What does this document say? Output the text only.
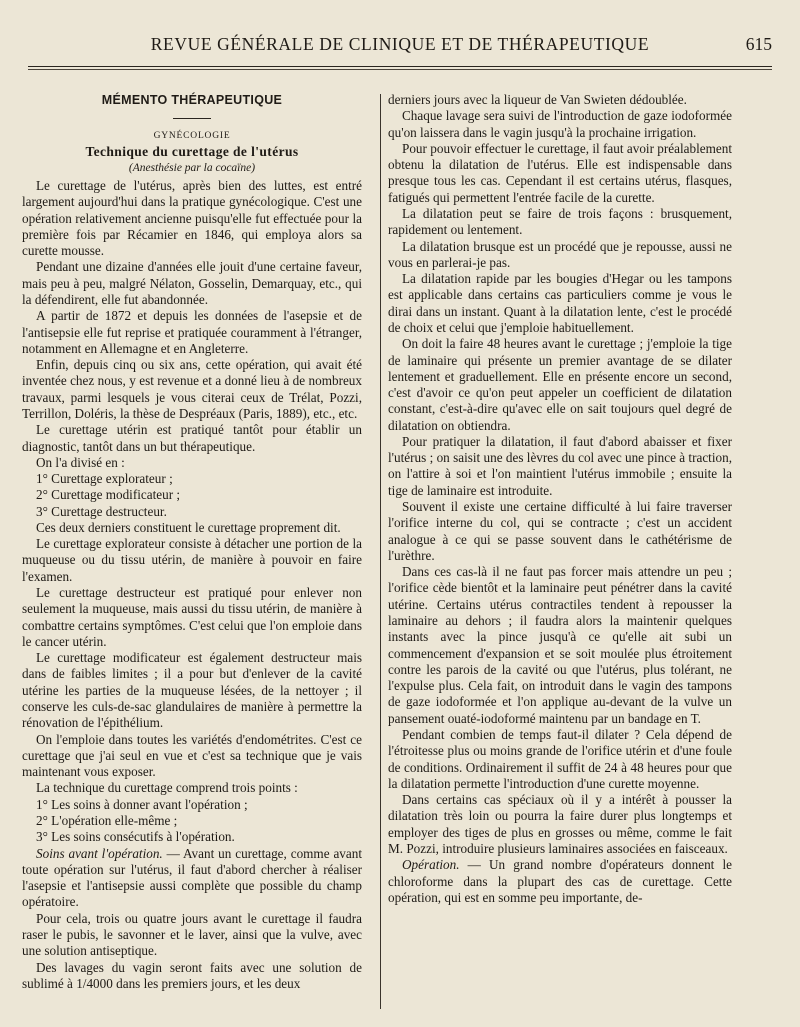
REVUE GÉNÉRALE DE CLINIQUE ET DE THÉRAPEUTIQUE	615
MÉMENTO THÉRAPEUTIQUE
GYNÉCOLOGIE
Technique du curettage de l'utérus
(Anesthésie par la cocaïne)

Le curettage de l'utérus, après bien des luttes, est entré largement aujourd'hui dans la pratique gynécologique. C'est une opération relativement ancienne puisqu'elle fut effectuée pour la première fois par Récamier en 1846, qui employa alors sa curette mousse.

Pendant une dizaine d'années elle jouit d'une certaine faveur, mais peu à peu, malgré Nélaton, Gosselin, Demarquay, etc., qui la défendirent, elle fut abandonnée.

A partir de 1872 et depuis les données de l'asepsie et de l'antisepsie elle fut reprise et pratiquée couramment à l'étranger, notamment en Allemagne et en Angleterre.

Enfin, depuis cinq ou six ans, cette opération, qui avait été inventée chez nous, y est revenue et a donné lieu à de nombreux travaux, parmi lesquels je vous citerai ceux de Trélat, Pozzi, Terrillon, Doléris, la thèse de Despréaux (Paris, 1889), etc., etc.

Le curettage utérin est pratiqué tantôt pour établir un diagnostic, tantôt dans un but thérapeutique.

On l'a divisé en :

1° Curettage explorateur ;

2° Curettage modificateur ;

3° Curettage destructeur.

Ces deux derniers constituent le curettage proprement dit.

Le curettage explorateur consiste à détacher une portion de la muqueuse ou du tissu utérin, de manière à pouvoir en faire l'examen.

Le curettage destructeur est pratiqué pour enlever non seulement la muqueuse, mais aussi du tissu utérin, de manière à combattre certains symptômes. C'est celui que l'on emploie dans le cancer utérin.

Le curettage modificateur est également destructeur mais dans de faibles limites ; il a pour but d'enlever de la cavité utérine les parties de la muqueuse lésées, de la nettoyer ; il conserve les culs-de-sac glandulaires de manière à permettre la rénovation de l'épithélium.

On l'emploie dans toutes les variétés d'endométrites. C'est ce curettage que j'ai seul en vue et c'est sa technique que je vais maintenant vous exposer.

La technique du curettage comprend trois points :

1° Les soins à donner avant l'opération ;

2° L'opération elle-même ;

3° Les soins consécutifs à l'opération.

Soins avant l'opération. — Avant un curettage, comme avant toute opération sur l'utérus, il faut d'abord chercher à réaliser l'asepsie et l'antisepsie aussi complète que possible du champ opératoire.

Pour cela, trois ou quatre jours avant le curettage il faudra raser le pubis, le savonner et le laver, ainsi que la vulve, avec une solution antiseptique.

Des lavages du vagin seront faits avec une solution de sublimé à 1/4000 dans les premiers jours, et les deux

derniers jours avec la liqueur de Van Swieten dédoublée.

Chaque lavage sera suivi de l'introduction de gaze iodoformée qu'on laissera dans le vagin jusqu'à la prochaine irrigation.

Pour pouvoir effectuer le curettage, il faut avoir préalablement obtenu la dilatation de l'utérus. Elle est indispensable dans presque tous les cas. Cependant il est certains utérus, flasques, fatigués qui permettent l'entrée facile de la curette.

La dilatation peut se faire de trois façons : brusquement, rapidement ou lentement.

La dilatation brusque est un procédé que je repousse, aussi ne vous en parlerai-je pas.

La dilatation rapide par les bougies d'Hegar ou les tampons est applicable dans certains cas particuliers comme je vous le dirai dans un instant. Quant à la dilatation lente, c'est le procédé de choix et celui que j'emploie habituellement.

On doit la faire 48 heures avant le curettage ; j'emploie la tige de laminaire qui présente un premier avantage de se dilater lentement et graduellement. Elle en présente encore un second, c'est d'avoir ce qu'on peut appeler un coefficient de dilatation constant, c'est-à-dire qu'avec elle on sait toujours quel degré de dilatation on obtiendra.

Pour pratiquer la dilatation, il faut d'abord abaisser et fixer l'utérus ; on saisit une des lèvres du col avec une pince à traction, on l'attire à soi et l'on maintient l'utérus immobile ; ensuite la tige de laminaire est introduite.

Souvent il existe une certaine difficulté à lui faire traverser l'orifice interne du col, qui se contracte ; c'est un accident analogue à ce qui se passe souvent dans le cathétérisme de l'urèthre.

Dans ces cas-là il ne faut pas forcer mais attendre un peu ; l'orifice cède bientôt et la laminaire peut pénétrer dans la cavité utérine. Certains utérus contractiles tendent à repousser la laminaire au dehors ; il faudra alors la maintenir quelques instants avec la pince jusqu'à ce qu'elle ait subi un commencement d'expansion et se soit moulée plus étroitement contre les parois de la cavité ou que l'utérus, plus tolérant, ne l'expulse plus. Cela fait, on introduit dans le vagin des tampons de gaze iodoformée et l'on applique au-devant de la vulve un pansement ouaté-iodoformé maintenu par un bandage en T.

Pendant combien de temps faut-il dilater ? Cela dépend de l'étroitesse plus ou moins grande de l'orifice utérin et d'une foule de conditions. Ordinairement il suffit de 24 à 48 heures pour que la dilatation permette l'introduction d'une curette moyenne.

Dans certains cas spéciaux où il y a intérêt à pousser la dilatation très loin ou pourra la faire durer plus longtemps et employer des tiges de plus en grosses ou même, comme le fait M. Pozzi, introduire plusieurs laminaires associées en faisceaux.

Opération. — Un grand nombre d'opérateurs donnent le chloroforme dans la plupart des cas de curettage. Cette opération, qui est en somme peu importante, de-
